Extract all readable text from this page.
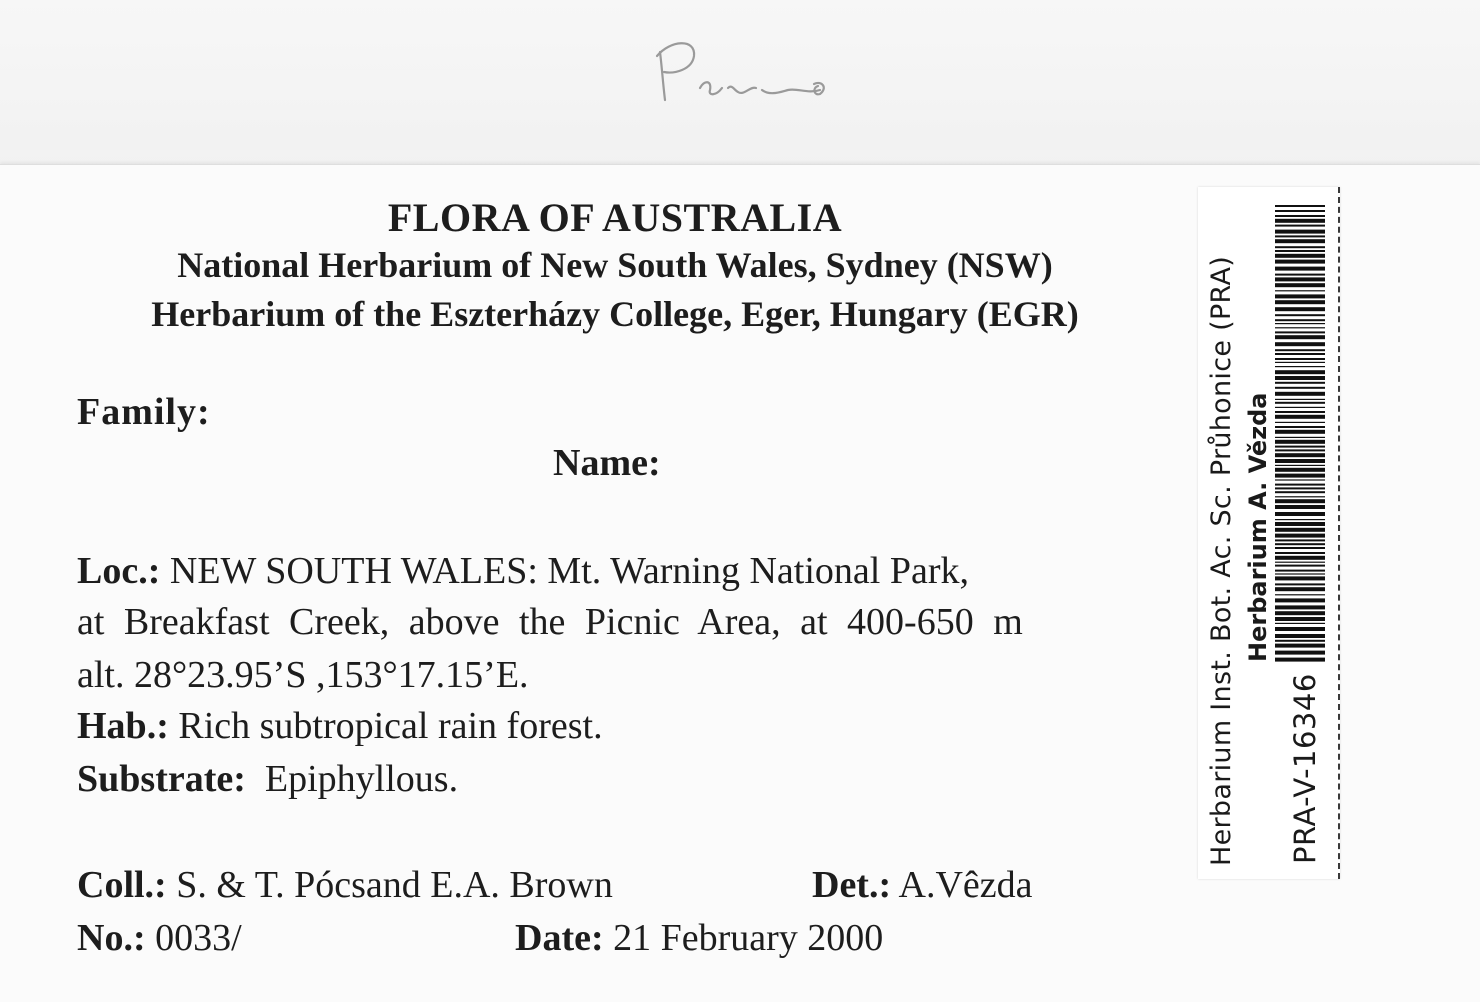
FLORA OF AUSTRALIA
National Herbarium of New South Wales, Sydney (NSW)
Herbarium of the Eszterházy College, Eger, Hungary (EGR)
Family:
Name:
Loc.: NEW SOUTH WALES: Mt. Warning National Park,
at Breakfast Creek, above the Picnic Area, at 400-650 m
alt. 28°23.95’S ,153°17.15’E.
Hab.: Rich subtropical rain forest.
Substrate: Epiphyllous.
Coll.: S. & T. Pócsand E.A. Brown	Det.: A.Vêzda
No.: 0033/	Date: 21 February 2000
Herbarium Inst. Bot. Ac. Sc. Průhonice (PRA) Herbarium A. Vězda
PRA-V-16346
